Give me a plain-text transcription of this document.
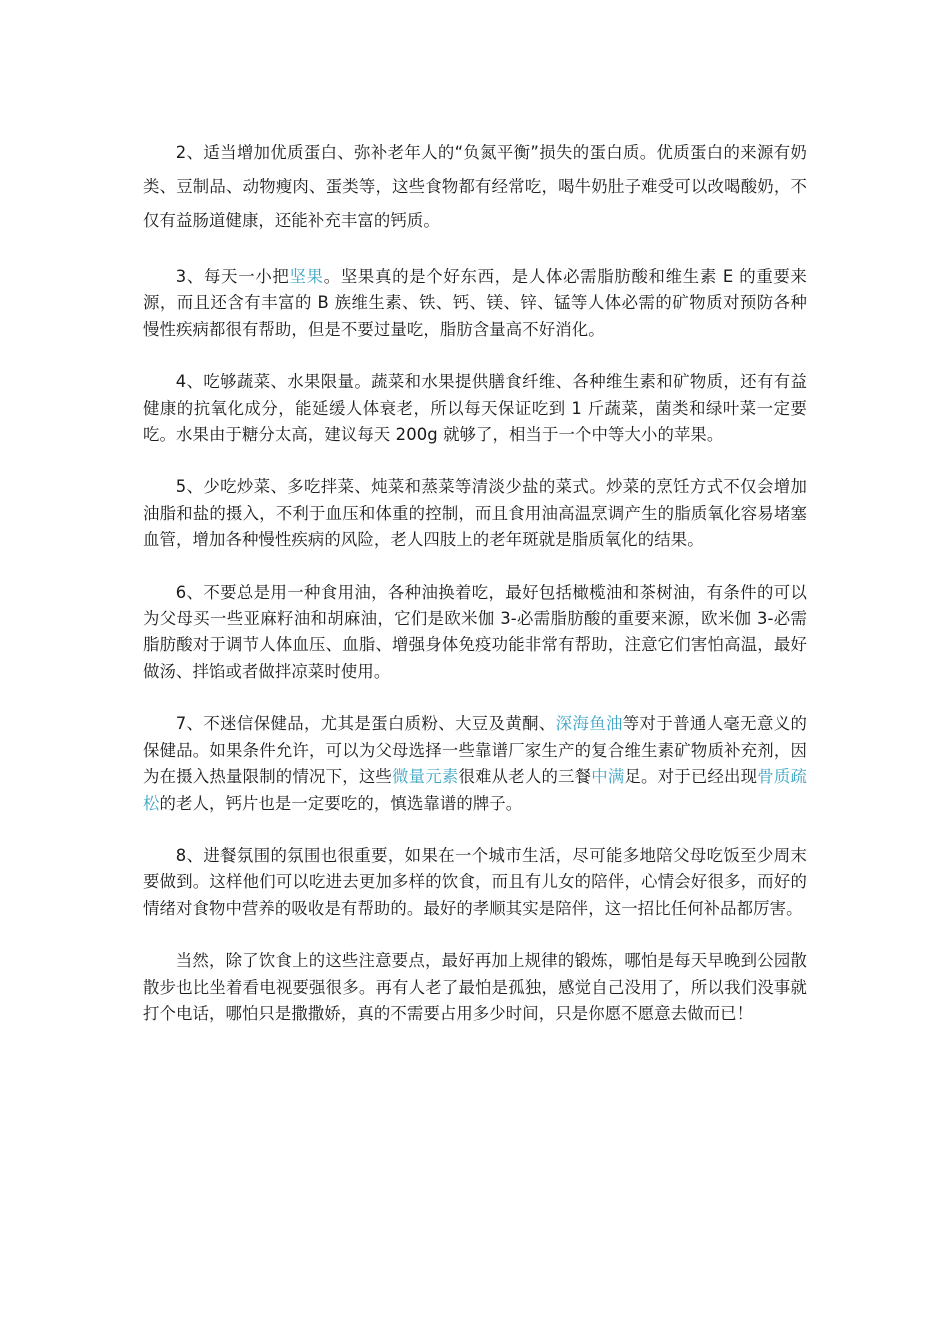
2、适当增加优质蛋白、弥补老年人的“负氮平衡”损失的蛋白质。优质蛋白的来源有奶类、豆制品、动物瘦肉、蛋类等，这些食物都有经常吃，喝牛奶肚子难受可以改喝酸奶，不仅有益肠道健康，还能补充丰富的钙质。

3、每天一小把坚果。坚果真的是个好东西，是人体必需脂肪酸和维生素 E 的重要来源，而且还含有丰富的 B 族维生素、铁、钙、镁、锌、锰等人体必需的矿物质对预防各种慢性疾病都很有帮助，但是不要过量吃，脂肪含量高不好消化。

4、吃够蔬菜、水果限量。蔬菜和水果提供膳食纤维、各种维生素和矿物质，还有有益健康的抗氧化成分，能延缓人体衰老，所以每天保证吃到 1 斤蔬菜，菌类和绿叶菜一定要吃。水果由于糖分太高，建议每天 200g 就够了，相当于一个中等大小的苹果。

5、少吃炒菜、多吃拌菜、炖菜和蒸菜等清淡少盐的菜式。炒菜的烹饪方式不仅会增加油脂和盐的摄入，不利于血压和体重的控制，而且食用油高温烹调产生的脂质氧化容易堵塞血管，增加各种慢性疾病的风险，老人四肢上的老年斑就是脂质氧化的结果。

6、不要总是用一种食用油，各种油换着吃，最好包括橄榄油和茶树油，有条件的可以为父母买一些亚麻籽油和胡麻油，它们是欧米伽 3-必需脂肪酸的重要来源，欧米伽 3-必需脂肪酸对于调节人体血压、血脂、增强身体免疫功能非常有帮助，注意它们害怕高温，最好做汤、拌馅或者做拌凉菜时使用。

7、不迷信保健品，尤其是蛋白质粉、大豆及黄酮、深海鱼油等对于普通人毫无意义的保健品。如果条件允许，可以为父母选择一些靠谱厂家生产的复合维生素矿物质补充剂，因为在摄入热量限制的情况下，这些微量元素很难从老人的三餐中满足。对于已经出现骨质疏松的老人，钙片也是一定要吃的，慎选靠谱的牌子。

8、进餐氛围的氛围也很重要，如果在一个城市生活，尽可能多地陪父母吃饭至少周末要做到。这样他们可以吃进去更加多样的饮食，而且有儿女的陪伴，心情会好很多，而好的情绪对食物中营养的吸收是有帮助的。最好的孝顺其实是陪伴，这一招比任何补品都厉害。

当然，除了饮食上的这些注意要点，最好再加上规律的锻炼，哪怕是每天早晚到公园散散步也比坐着看电视要强很多。再有人老了最怕是孤独，感觉自己没用了，所以我们没事就打个电话，哪怕只是撒撒娇，真的不需要占用多少时间，只是你愿不愿意去做而已！
